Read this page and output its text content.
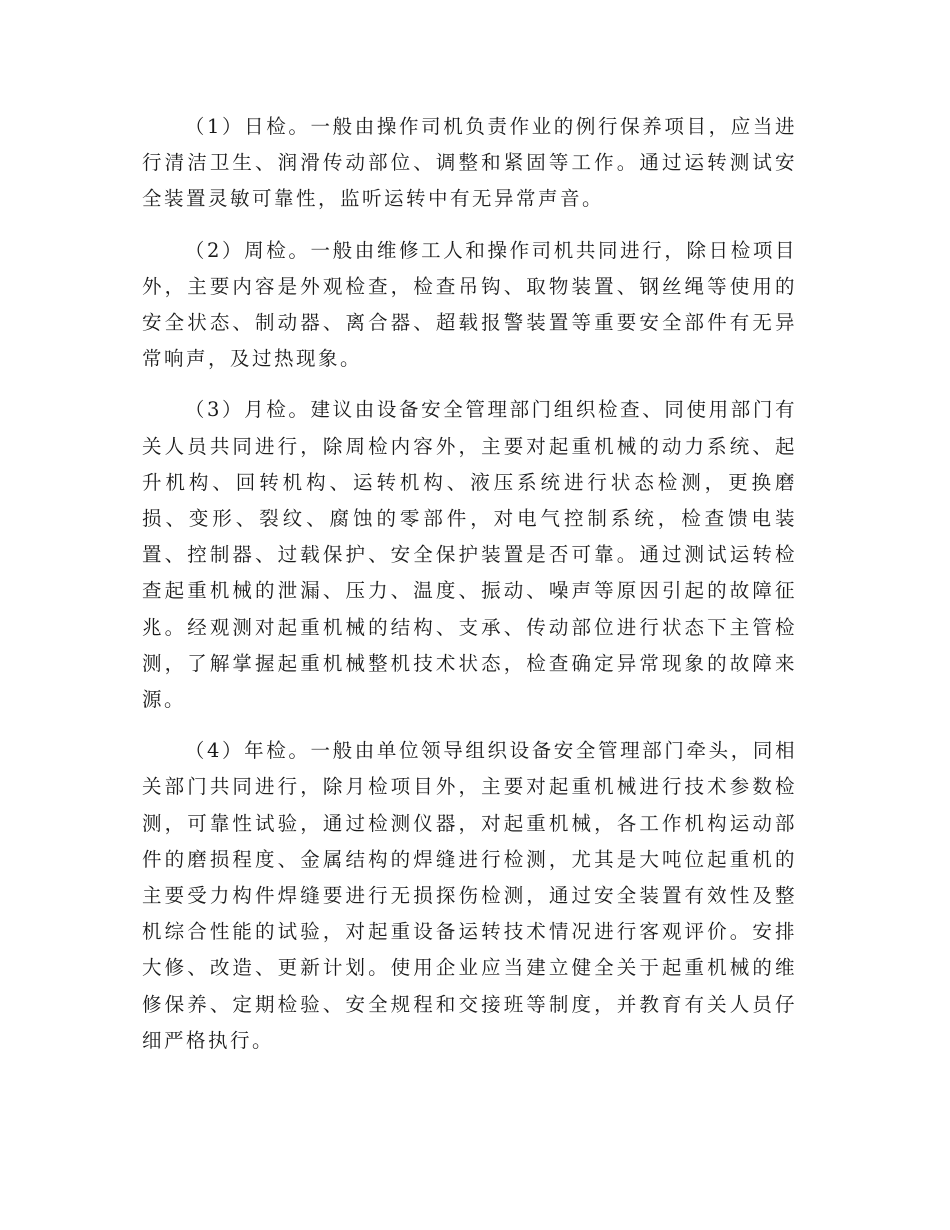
（1）日检。一般由操作司机负责作业的例行保养项目，应当进行清洁卫生、润滑传动部位、调整和紧固等工作。通过运转测试安全装置灵敏可靠性，监听运转中有无异常声音。

（2）周检。一般由维修工人和操作司机共同进行，除日检项目外，主要内容是外观检查，检查吊钩、取物装置、钢丝绳等使用的安全状态、制动器、离合器、超载报警装置等重要安全部件有无异常响声，及过热现象。

（3）月检。建议由设备安全管理部门组织检查、同使用部门有关人员共同进行，除周检内容外，主要对起重机械的动力系统、起升机构、回转机构、运转机构、液压系统进行状态检测，更换磨损、变形、裂纹、腐蚀的零部件，对电气控制系统，检查馈电装置、控制器、过载保护、安全保护装置是否可靠。通过测试运转检查起重机械的泄漏、压力、温度、振动、噪声等原因引起的故障征兆。经观测对起重机械的结构、支承、传动部位进行状态下主管检测，了解掌握起重机械整机技术状态，检查确定异常现象的故障来源。

（4）年检。一般由单位领导组织设备安全管理部门牵头，同相关部门共同进行，除月检项目外，主要对起重机械进行技术参数检测，可靠性试验，通过检测仪器，对起重机械，各工作机构运动部件的磨损程度、金属结构的焊缝进行检测，尤其是大吨位起重机的主要受力构件焊缝要进行无损探伤检测，通过安全装置有效性及整机综合性能的试验，对起重设备运转技术情况进行客观评价。安排大修、改造、更新计划。使用企业应当建立健全关于起重机械的维修保养、定期检验、安全规程和交接班等制度，并教育有关人员仔细严格执行。
